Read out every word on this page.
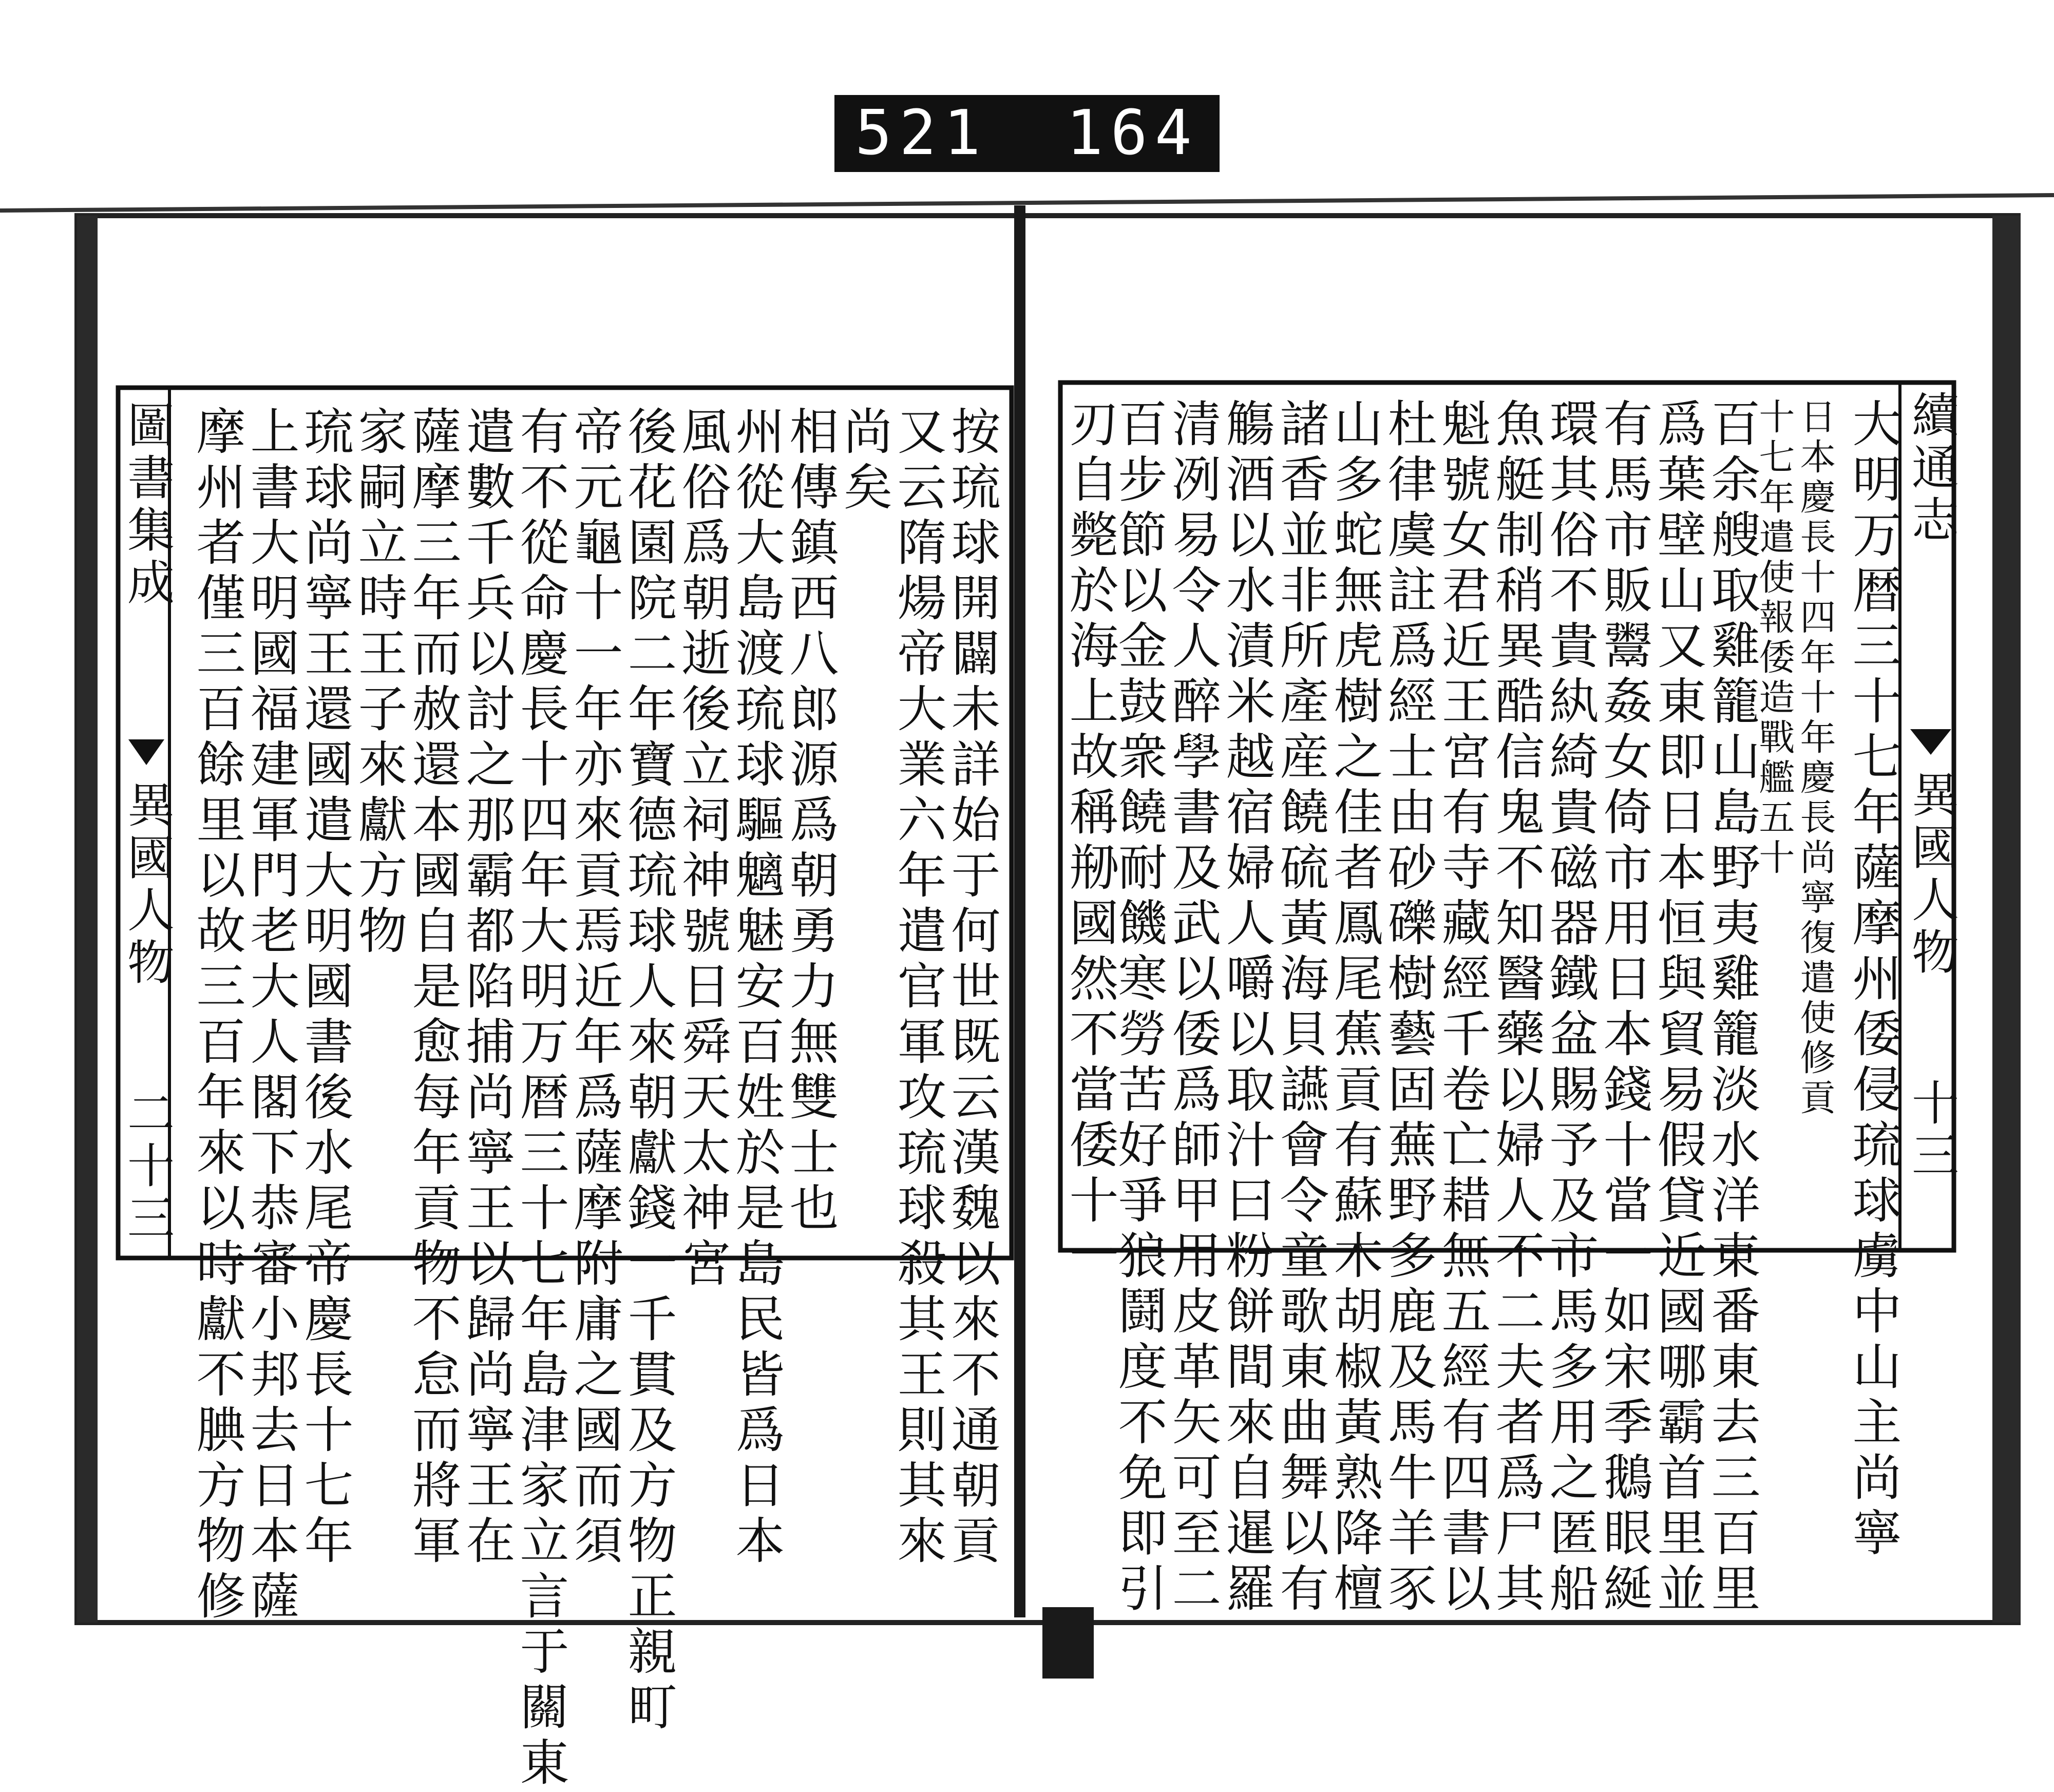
521 164
續通志
異國人物
十三
大明万暦三十七年薩摩州倭侵琉球虜中山主尚寧
日本慶長十四年十年慶長尚寧復遣使修貢
十七年遣使報倭造戰艦五十
百余艘取雞籠山島野夷雞籠淡水洋東番東去三百里
爲葉壁山又東即日本恒與貿易假貸近國哪霸首里並
有馬市販鬻姦女倚市用日本錢十當一如宋季鵝眼綖
環其俗不貴紈綺貴磁器鐵盆賜予及市馬多用之匿船
魚艇制稍異酷信鬼不知醫藥以婦人不二夫者爲尸其
魁號女君近王宮有寺藏經千卷亡耤無五經有四書以
杜律虞註爲經士由砂礫樹藝固蕪野多鹿及馬牛羊豕
山多蛇無虎樹之佳者鳳尾蕉貢有蘇木胡椒黃熟降檀
諸香並非所產産饒硫黃海貝讌會令童歌東曲舞以有
觴酒以水漬米越宿婦人嚼以取汁曰粉餅間來自暹羅
清冽易令人醉學書及武以倭爲師甲用皮革矢可至二
百步節以金鼓衆饒耐饑寒勞苦好爭狼鬪度不免即引
刃自斃於海上故稱剙國然不當倭十一
圖書集成
異國人物
二十三	按琉球開闢未詳始于何世既云漢魏以來不通朝貢
又云隋煬帝大業六年遣官軍攻琉球殺其王則其來
尚矣
相傳鎮西八郎源爲朝勇力無雙士也
州從大島渡琉球驅魑魅安百姓於是島民皆爲日本
風俗爲朝逝後立祠神號日舜天太神宮
後花園院二年寶德琉球人來朝獻錢一千貫及方物正親町
帝元龜十一年亦來貢焉近年爲薩摩附庸之國而須
有不從命慶長十四年大明万暦三十七年島津家立言于關東
遣數千兵以討之那霸都陷捕尚寧王以歸尚寧王在
薩摩三年而赦還本國自是愈每年貢物不怠而將軍
家嗣立時王子來獻方物
琉球尚寧王還國遣大明國書後水尾帝慶長十七年
上書大明國福建軍門老大人閣下恭審小邦去日本薩
摩州者僅三百餘里以故三百年來以時獻不腆方物修
